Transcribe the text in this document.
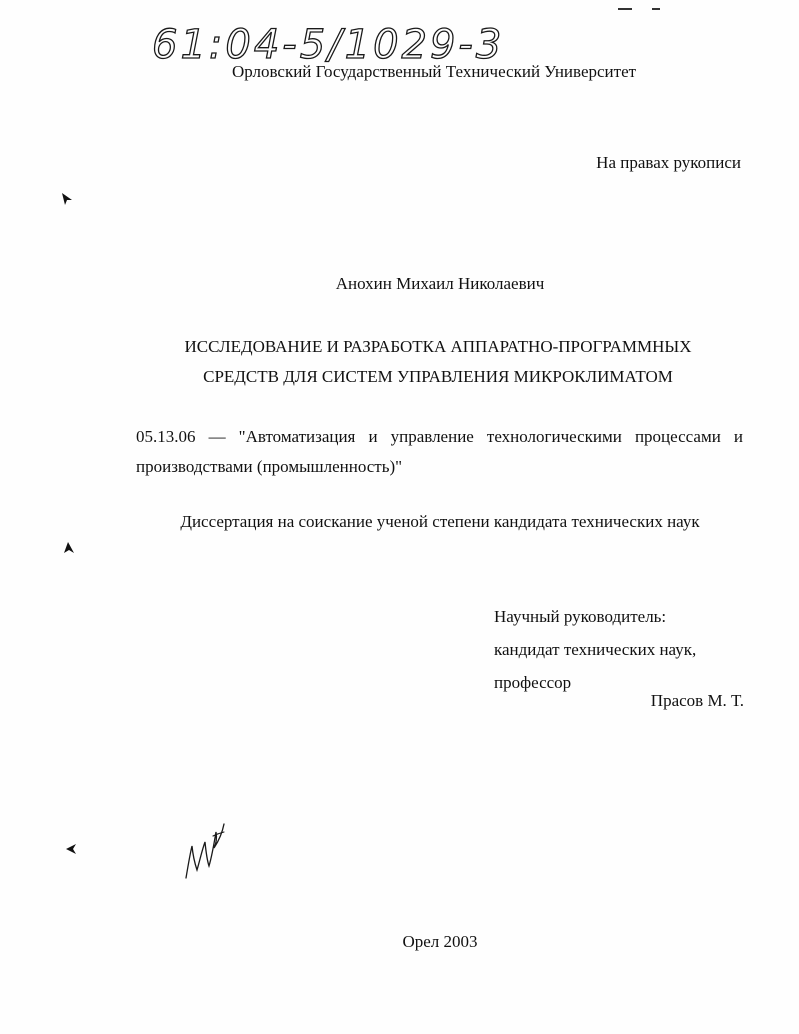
61:04-5/1029-3
Орловский Государственный Технический Университет
На правах рукописи
Анохин Михаил Николаевич
ИССЛЕДОВАНИЕ И РАЗРАБОТКА АППАРАТНО-ПРОГРАММНЫХ
СРЕДСТВ ДЛЯ СИСТЕМ УПРАВЛЕНИЯ МИКРОКЛИМАТОМ
05.13.06 — "Автоматизация и управление технологическими процессами и
производствами (промышленность)"
Диссертация на соискание ученой степени кандидата технических наук
Научный руководитель:
кандидат технических наук,
профессор
Прасов М. Т.
Орел 2003
